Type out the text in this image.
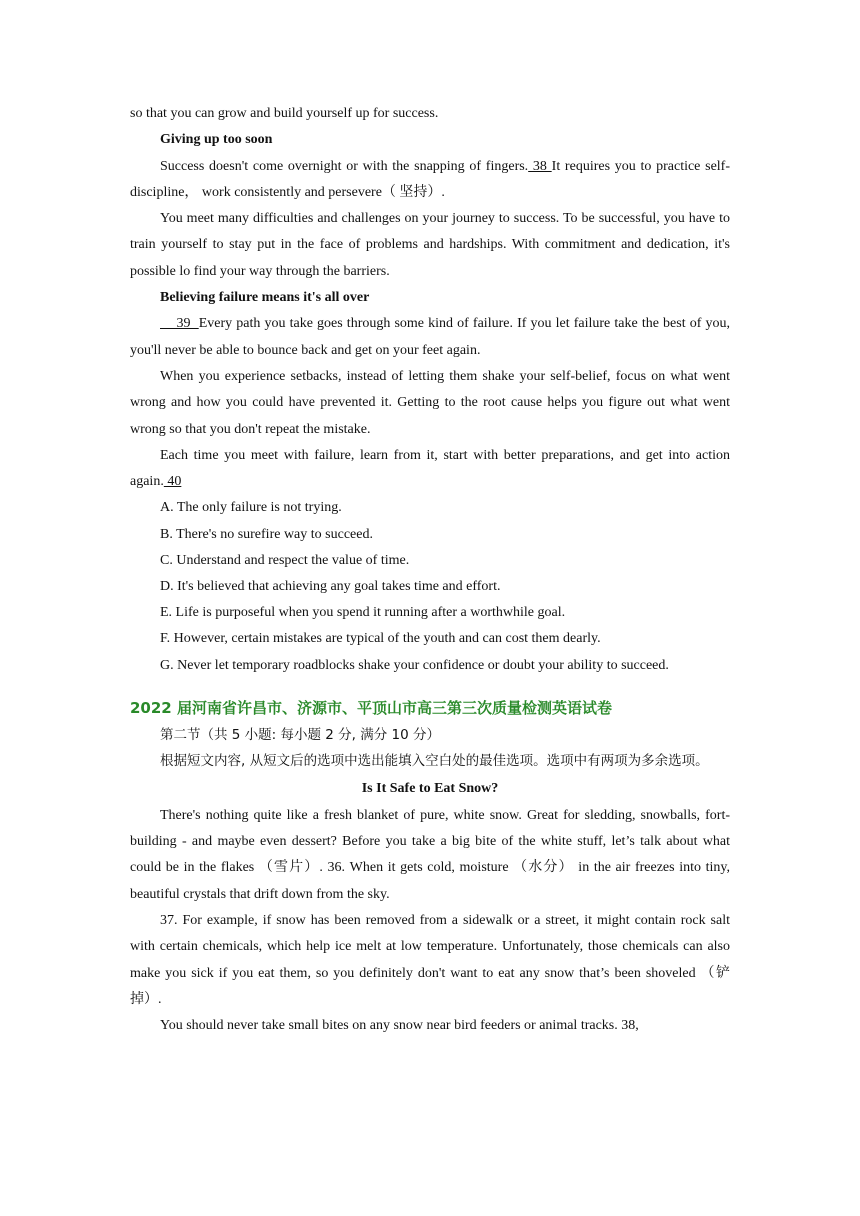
so that you can grow and build yourself up for success.

Giving up too soon

Success doesn't come overnight or with the snapping of fingers. 38 It requires you to practice self-discipline， work consistently and persevere（ 坚持）.

You meet many difficulties and challenges on your journey to success. To be successful, you have to train yourself to stay put in the face of problems and hardships. With commitment and dedication, it's possible lo find your way through the barriers.

Believing failure means it's all over

39  Every path you take goes through some kind of failure. If you let failure take the best of you, you'll never be able to bounce back and get on your feet again.

When you experience setbacks, instead of letting them shake your self-belief, focus on what went wrong and how you could have prevented it. Getting to the root cause helps you figure out what went wrong so that you don't repeat the mistake.

Each time you meet with failure, learn from it, start with better preparations, and get into action again. 40

A. The only failure is not trying.

B. There's no surefire way to succeed.

C. Understand and respect the value of time.

D. It's believed that achieving any goal takes time and effort.

E. Life is purposeful when you spend it running after a worthwhile goal.

F. However, certain mistakes are typical of the youth and can cost them dearly.

G. Never let temporary roadblocks shake your confidence or doubt your ability to succeed.

2022 届河南省许昌市、济源市、平顶山市高三第三次质量检测英语试卷

第二节（共 5 小题: 每小题 2 分, 满分 10 分）

根据短文内容, 从短文后的选项中选出能填入空白处的最佳选项。选项中有两项为多余选项。

Is It Safe to Eat Snow?

There's nothing quite like a fresh blanket of pure, white snow. Great for sledding, snowballs, fort-building - and maybe even dessert? Before you take a big bite of the white stuff, let’s talk about what could be in the flakes （雪片）. 36. When it gets cold, moisture （水分） in the air freezes into tiny, beautiful crystals that drift down from the sky.

37. For example, if snow has been removed from a sidewalk or a street, it might contain rock salt with certain chemicals, which help ice melt at low temperature. Unfortunately, those chemicals can also make you sick if you eat them, so you definitely don't want to eat any snow that’s been shoveled （铲掉）.

You should never take small bites on any snow near bird feeders or animal tracks. 38,
